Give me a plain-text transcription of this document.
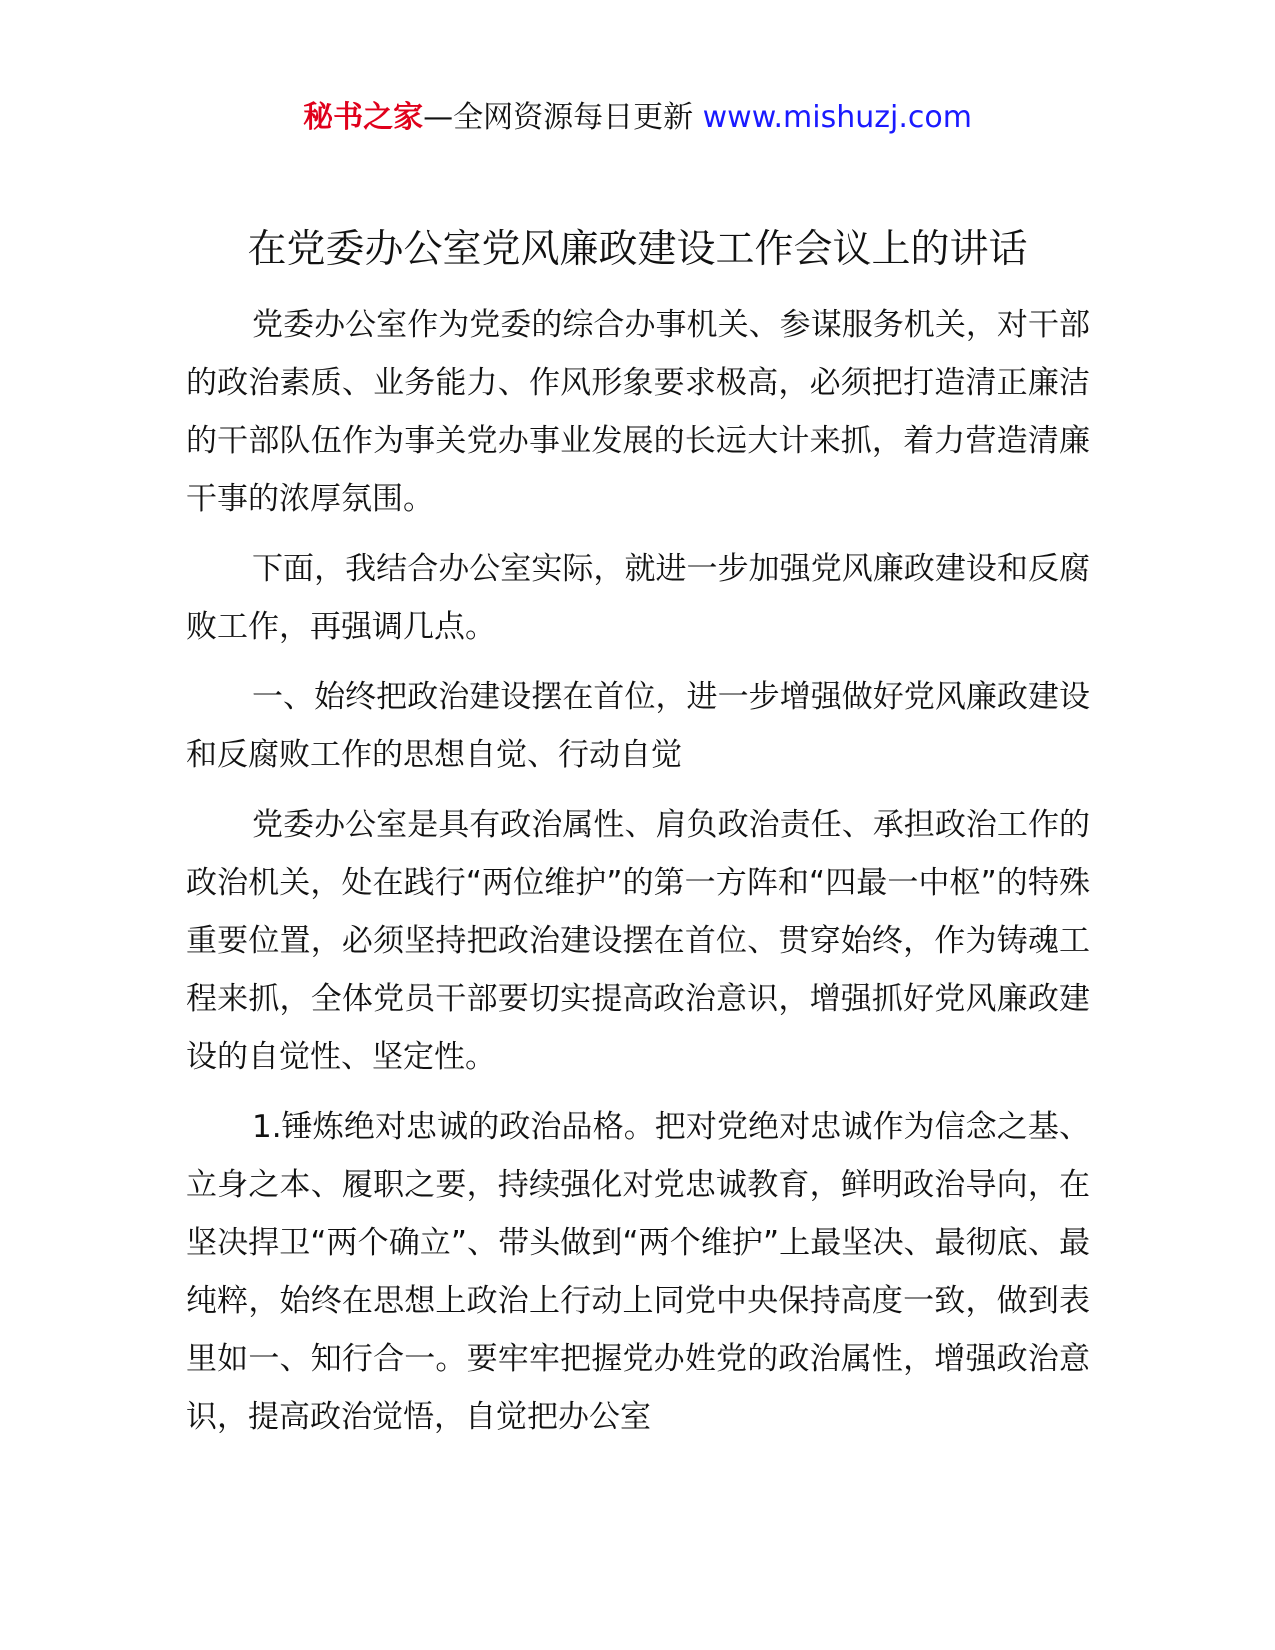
秘书之家—全网资源每日更新 www.mishuzj.com
在党委办公室党风廉政建设工作会议上的讲话

党委办公室作为党委的综合办事机关、参谋服务机关，对干部的政治素质、业务能力、作风形象要求极高，必须把打造清正廉洁的干部队伍作为事关党办事业发展的长远大计来抓，着力营造清廉干事的浓厚氛围。

下面，我结合办公室实际，就进一步加强党风廉政建设和反腐败工作，再强调几点。

一、始终把政治建设摆在首位，进一步增强做好党风廉政建设和反腐败工作的思想自觉、行动自觉

党委办公室是具有政治属性、肩负政治责任、承担政治工作的政治机关，处在践行“两位维护”的第一方阵和“四最一中枢”的特殊重要位置，必须坚持把政治建设摆在首位、贯穿始终，作为铸魂工程来抓，全体党员干部要切实提高政治意识，增强抓好党风廉政建设的自觉性、坚定性。

1.锤炼绝对忠诚的政治品格。把对党绝对忠诚作为信念之基、立身之本、履职之要，持续强化对党忠诚教育，鲜明政治导向，在坚决捍卫“两个确立”、带头做到“两个维护”上最坚决、最彻底、最纯粹，始终在思想上政治上行动上同党中央保持高度一致，做到表里如一、知行合一。要牢牢把握党办姓党的政治属性，增强政治意识，提高政治觉悟，自觉把办公室
